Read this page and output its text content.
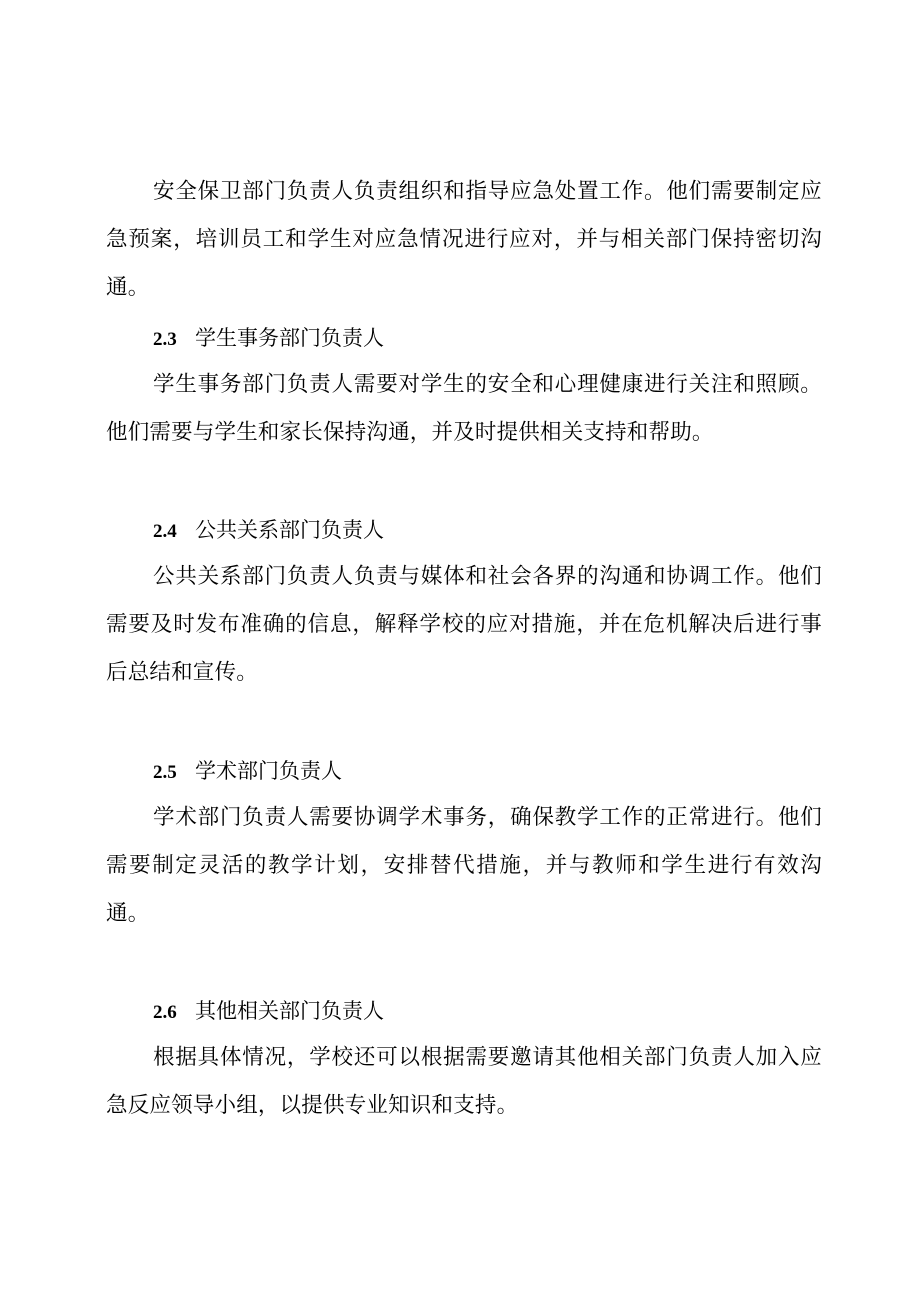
安全保卫部门负责人负责组织和指导应急处置工作。他们需要制定应急预案，培训员工和学生对应急情况进行应对，并与相关部门保持密切沟通。

2.3 学生事务部门负责人

学生事务部门负责人需要对学生的安全和心理健康进行关注和照顾。他们需要与学生和家长保持沟通，并及时提供相关支持和帮助。

2.4 公共关系部门负责人

公共关系部门负责人负责与媒体和社会各界的沟通和协调工作。他们需要及时发布准确的信息，解释学校的应对措施，并在危机解决后进行事后总结和宣传。

2.5 学术部门负责人

学术部门负责人需要协调学术事务，确保教学工作的正常进行。他们需要制定灵活的教学计划，安排替代措施，并与教师和学生进行有效沟通。

2.6 其他相关部门负责人

根据具体情况，学校还可以根据需要邀请其他相关部门负责人加入应急反应领导小组，以提供专业知识和支持。
